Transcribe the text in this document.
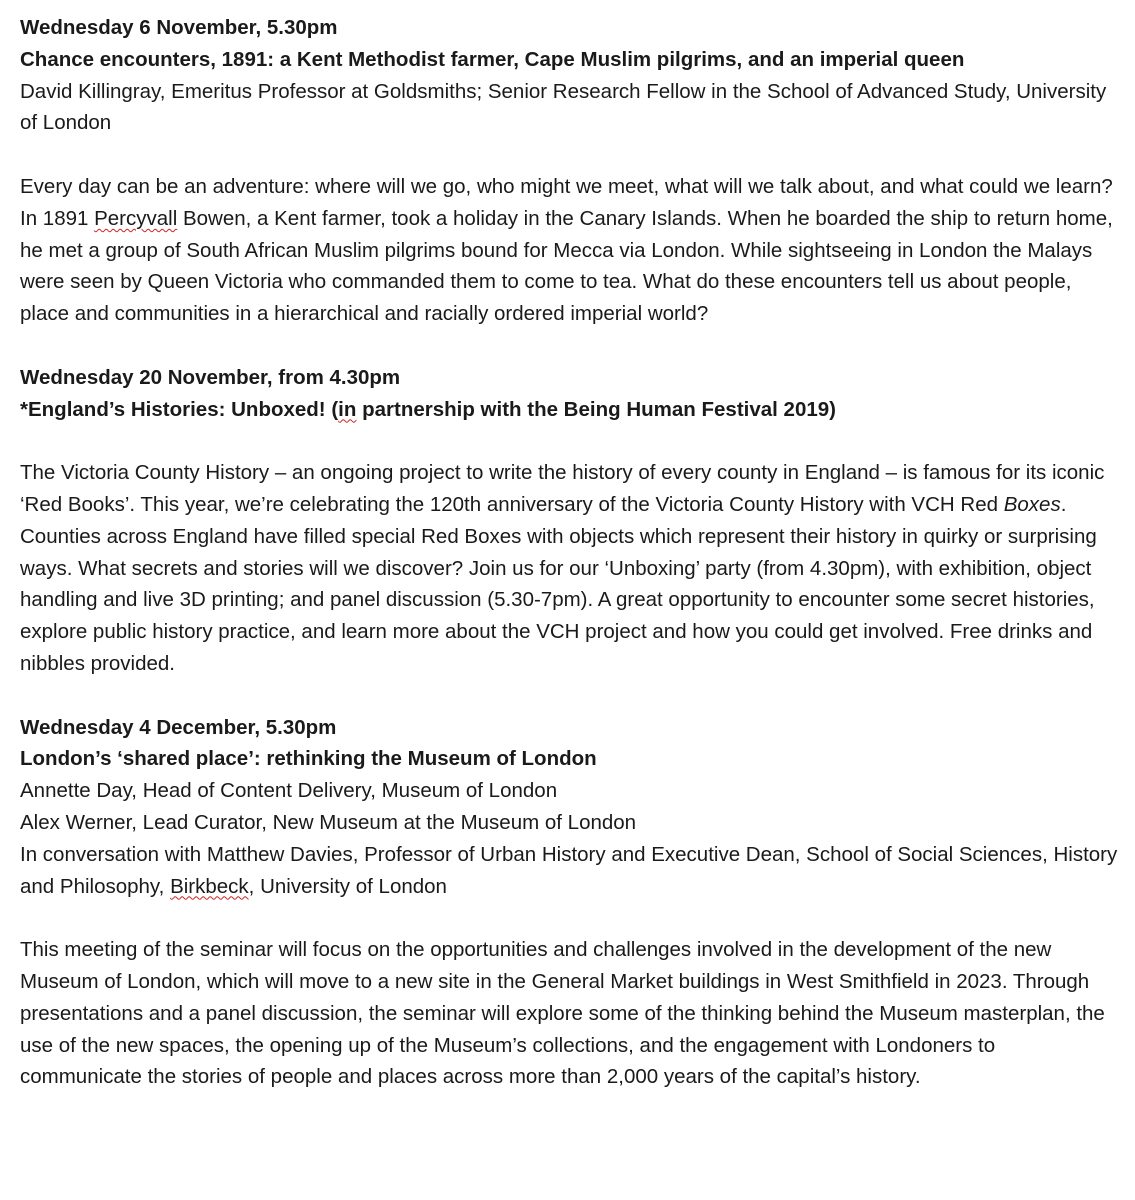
Wednesday 6 November, 5.30pm

Chance encounters, 1891: a Kent Methodist farmer, Cape Muslim pilgrims, and an imperial queen

David Killingray, Emeritus Professor at Goldsmiths; Senior Research Fellow in the School of Advanced Study, University of London

Every day can be an adventure: where will we go, who might we meet, what will we talk about, and what could we learn? In 1891 Percyvall Bowen, a Kent farmer, took a holiday in the Canary Islands. When he boarded the ship to return home, he met a group of South African Muslim pilgrims bound for Mecca via London. While sightseeing in London the Malays were seen by Queen Victoria who commanded them to come to tea. What do these encounters tell us about people, place and communities in a hierarchical and racially ordered imperial world?

Wednesday 20 November, from 4.30pm

*England’s Histories: Unboxed! (in partnership with the Being Human Festival 2019)

The Victoria County History – an ongoing project to write the history of every county in England – is famous for its iconic ‘Red Books’. This year, we’re celebrating the 120th anniversary of the Victoria County History with VCH Red Boxes. Counties across England have filled special Red Boxes with objects which represent their history in quirky or surprising ways. What secrets and stories will we discover? Join us for our ‘Unboxing’ party (from 4.30pm), with exhibition, object handling and live 3D printing; and panel discussion (5.30-7pm). A great opportunity to encounter some secret histories, explore public history practice, and learn more about the VCH project and how you could get involved. Free drinks and nibbles provided.

Wednesday 4 December, 5.30pm

London’s ‘shared place’: rethinking the Museum of London

Annette Day, Head of Content Delivery, Museum of London

Alex Werner, Lead Curator, New Museum at the Museum of London

In conversation with Matthew Davies, Professor of Urban History and Executive Dean, School of Social Sciences, History and Philosophy, Birkbeck, University of London

This meeting of the seminar will focus on the opportunities and challenges involved in the development of the new Museum of London, which will move to a new site in the General Market buildings in West Smithfield in 2023. Through presentations and a panel discussion, the seminar will explore some of the thinking behind the Museum masterplan, the use of the new spaces, the opening up of the Museum’s collections, and the engagement with Londoners to communicate the stories of people and places across more than 2,000 years of the capital’s history.
